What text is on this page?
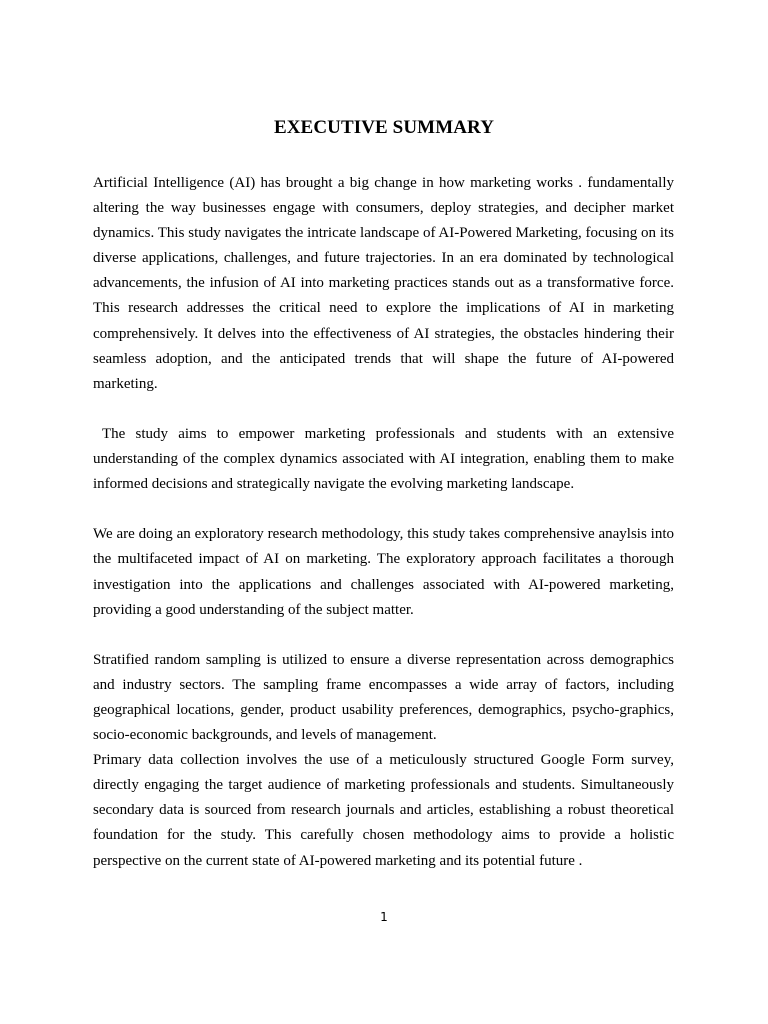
EXECUTIVE SUMMARY

Artificial Intelligence (AI) has brought a big change in how marketing works . fundamentally altering the way businesses engage with consumers, deploy strategies, and decipher market dynamics. This study navigates the intricate landscape of AI-Powered Marketing, focusing on its diverse applications, challenges, and future trajectories. In an era dominated by technological advancements, the infusion of AI into marketing practices stands out as a transformative force. This research addresses the critical need to explore the implications of AI in marketing comprehensively. It delves into the effectiveness of AI strategies, the obstacles hindering their seamless adoption, and the anticipated trends that will shape the future of AI-powered marketing.

The study aims to empower marketing professionals and students with an extensive understanding of the complex dynamics associated with AI integration, enabling them to make informed decisions and strategically navigate the evolving marketing landscape.

We are doing an exploratory research methodology, this study takes comprehensive anaylsis into the multifaceted impact of AI on marketing. The exploratory approach facilitates a thorough investigation into the applications and challenges associated with AI-powered marketing, providing a good understanding of the subject matter.

Stratified random sampling is utilized to ensure a diverse representation across demographics and industry sectors. The sampling frame encompasses a wide array of factors, including geographical locations, gender, product usability preferences, demographics, psycho-graphics, socio-economic backgrounds, and levels of management.

Primary data collection involves the use of a meticulously structured Google Form survey, directly engaging the target audience of marketing professionals and students. Simultaneously secondary data is sourced from research journals and articles, establishing a robust theoretical foundation for the study. This carefully chosen methodology aims to provide a holistic perspective on the current state of AI-powered marketing and its potential future .

1
